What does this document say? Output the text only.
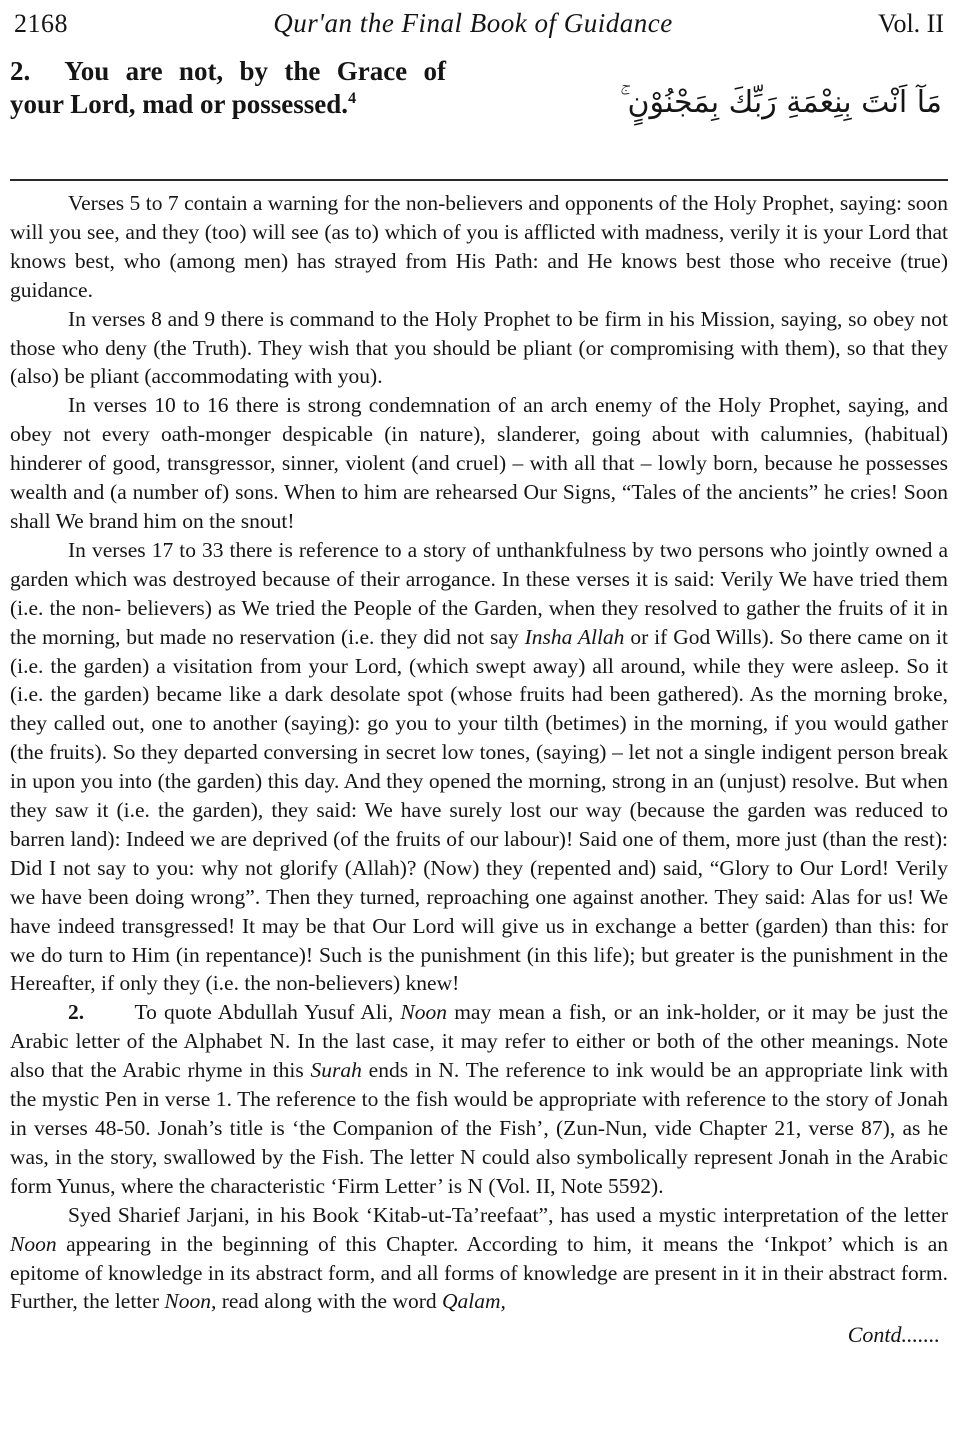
2168	Qur'an the Final Book of Guidance	Vol. II
2. You are not, by the Grace of your Lord, mad or possessed.$^4$	مَآ اَنْتَ بِنِعْمَةِ رَبِّكَ بِمَجْنُوْنٍ ۚ

Verses 5 to 7 contain a warning for the non-believers and opponents of the Holy Prophet, saying: soon will you see, and they (too) will see (as to) which of you is afflicted with madness, verily it is your Lord that knows best, who (among men) has strayed from His Path: and He knows best those who receive (true) guidance.

In verses 8 and 9 there is command to the Holy Prophet to be firm in his Mission, saying, so obey not those who deny (the Truth). They wish that you should be pliant (or compromising with them), so that they (also) be pliant (accommodating with you).

In verses 10 to 16 there is strong condemnation of an arch enemy of the Holy Prophet, saying, and obey not every oath-monger despicable (in nature), slanderer, going about with calumnies, (habitual) hinderer of good, transgressor, sinner, violent (and cruel) – with all that – lowly born, because he possesses wealth and (a number of) sons. When to him are rehearsed Our Signs, “Tales of the ancients” he cries! Soon shall We brand him on the snout!

In verses 17 to 33 there is reference to a story of unthankfulness by two persons who jointly owned a garden which was destroyed because of their arrogance. In these verses it is said: Verily We have tried them (i.e. the non- believers) as We tried the People of the Garden, when they resolved to gather the fruits of it in the morning, but made no reservation (i.e. they did not say Insha Allah or if God Wills). So there came on it (i.e. the garden) a visitation from your Lord, (which swept away) all around, while they were asleep. So it (i.e. the garden) became like a dark desolate spot (whose fruits had been gathered). As the morning broke, they called out, one to another (saying): go you to your tilth (betimes) in the morning, if you would gather (the fruits). So they departed conversing in secret low tones, (saying) – let not a single indigent person break in upon you into (the garden) this day. And they opened the morning, strong in an (unjust) resolve. But when they saw it (i.e. the garden), they said: We have surely lost our way (because the garden was reduced to barren land): Indeed we are deprived (of the fruits of our labour)! Said one of them, more just (than the rest): Did I not say to you: why not glorify (Allah)? (Now) they (repented and) said, “Glory to Our Lord! Verily we have been doing wrong”. Then they turned, reproaching one against another. They said: Alas for us! We have indeed transgressed! It may be that Our Lord will give us in exchange a better (garden) than this: for we do turn to Him (in repentance)! Such is the punishment (in this life); but greater is the punishment in the Hereafter, if only they (i.e. the non-believers) knew!

2.       To quote Abdullah Yusuf Ali, Noon may mean a fish, or an ink-holder, or it may be just the Arabic letter of the Alphabet N. In the last case, it may refer to either or both of the other meanings. Note also that the Arabic rhyme in this Surah ends in N. The reference to ink would be an appropriate link with the mystic Pen in verse 1. The reference to the fish would be appropriate with reference to the story of Jonah in verses 48-50. Jonah’s title is ‘the Companion of the Fish’, (Zun-Nun, vide Chapter 21, verse 87), as he was, in the story, swallowed by the Fish. The letter N could also symbolically represent Jonah in the Arabic form Yunus, where the characteristic ‘Firm Letter’ is N (Vol. II, Note 5592).

Syed Sharief Jarjani, in his Book ‘Kitab-ut-Ta’reefaat”, has used a mystic interpretation of the letter Noon appearing in the beginning of this Chapter. According to him, it means the ‘Inkpot’ which is an epitome of knowledge in its abstract form, and all forms of knowledge are present in it in their abstract form. Further, the letter Noon, read along with the word Qalam,

Contd.......
